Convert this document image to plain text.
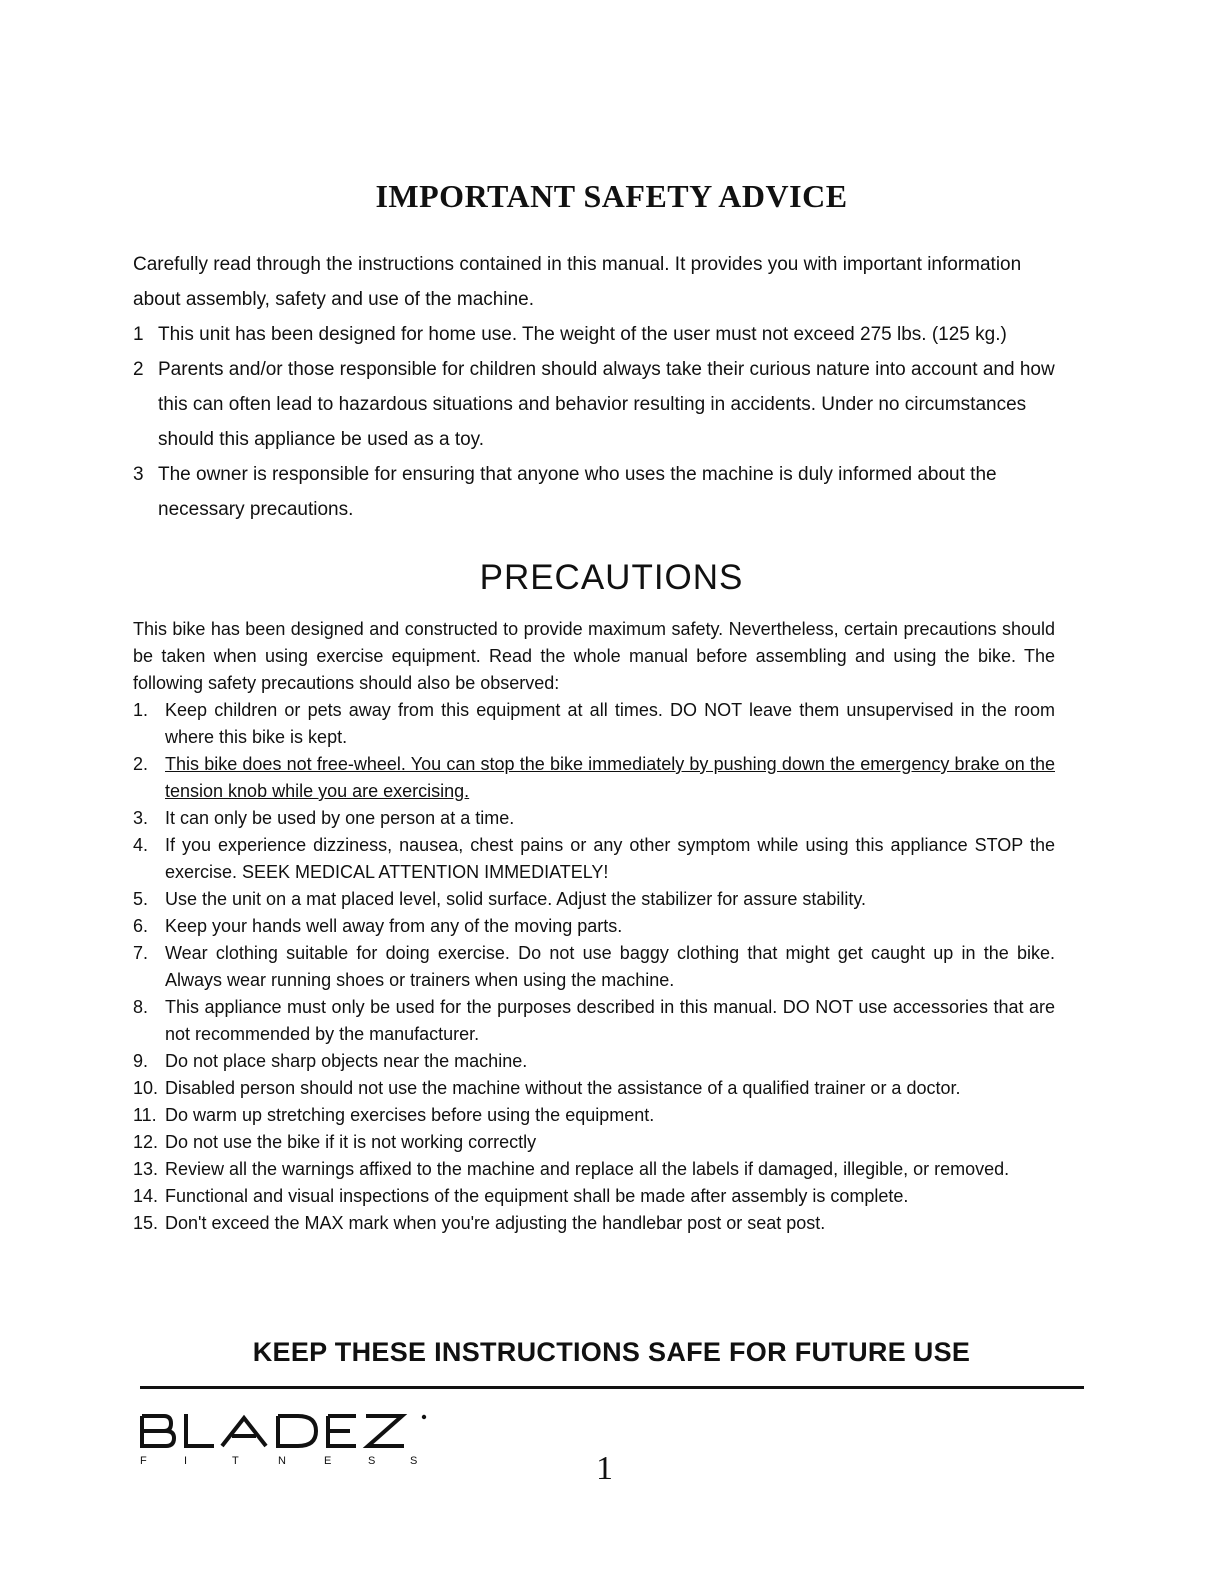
IMPORTANT SAFETY ADVICE

Carefully read through the instructions contained in this manual. It provides you with important information about assembly, safety and use of the machine.

1 This unit has been designed for home use. The weight of the user must not exceed 275 lbs. (125 kg.)
2 Parents and/or those responsible for children should always take their curious nature into account and how this can often lead to hazardous situations and behavior resulting in accidents. Under no circumstances should this appliance be used as a toy.
3 The owner is responsible for ensuring that anyone who uses the machine is duly informed about the necessary precautions.
PRECAUTIONS

This bike has been designed and constructed to provide maximum safety. Nevertheless, certain precautions should be taken when using exercise equipment. Read the whole manual before assembling and using the bike. The following safety precautions should also be observed:

1. Keep children or pets away from this equipment at all times. DO NOT leave them unsupervised in the room where this bike is kept.
2. This bike does not free-wheel. You can stop the bike immediately by pushing down the emergency brake on the tension knob while you are exercising.
3. It can only be used by one person at a time.
4. If you experience dizziness, nausea, chest pains or any other symptom while using this appliance STOP the exercise. SEEK MEDICAL ATTENTION IMMEDIATELY!
5. Use the unit on a mat placed level, solid surface. Adjust the stabilizer for assure stability.
6. Keep your hands well away from any of the moving parts.
7. Wear clothing suitable for doing exercise. Do not use baggy clothing that might get caught up in the bike. Always wear running shoes or trainers when using the machine.
8. This appliance must only be used for the purposes described in this manual. DO NOT use accessories that are not recommended by the manufacturer.
9. Do not place sharp objects near the machine.
10. Disabled person should not use the machine without the assistance of a qualified trainer or a doctor.
11. Do warm up stretching exercises before using the equipment.
12. Do not use the bike if it is not working correctly
13. Review all the warnings affixed to the machine and replace all the labels if damaged, illegible, or removed.
14. Functional and visual inspections of the equipment shall be made after assembly is complete.
15. Don't exceed the MAX mark when you're adjusting the handlebar post or seat post.
KEEP THESE INSTRUCTIONS SAFE FOR FUTURE USE
F	I	T	N	E	S	S	1
